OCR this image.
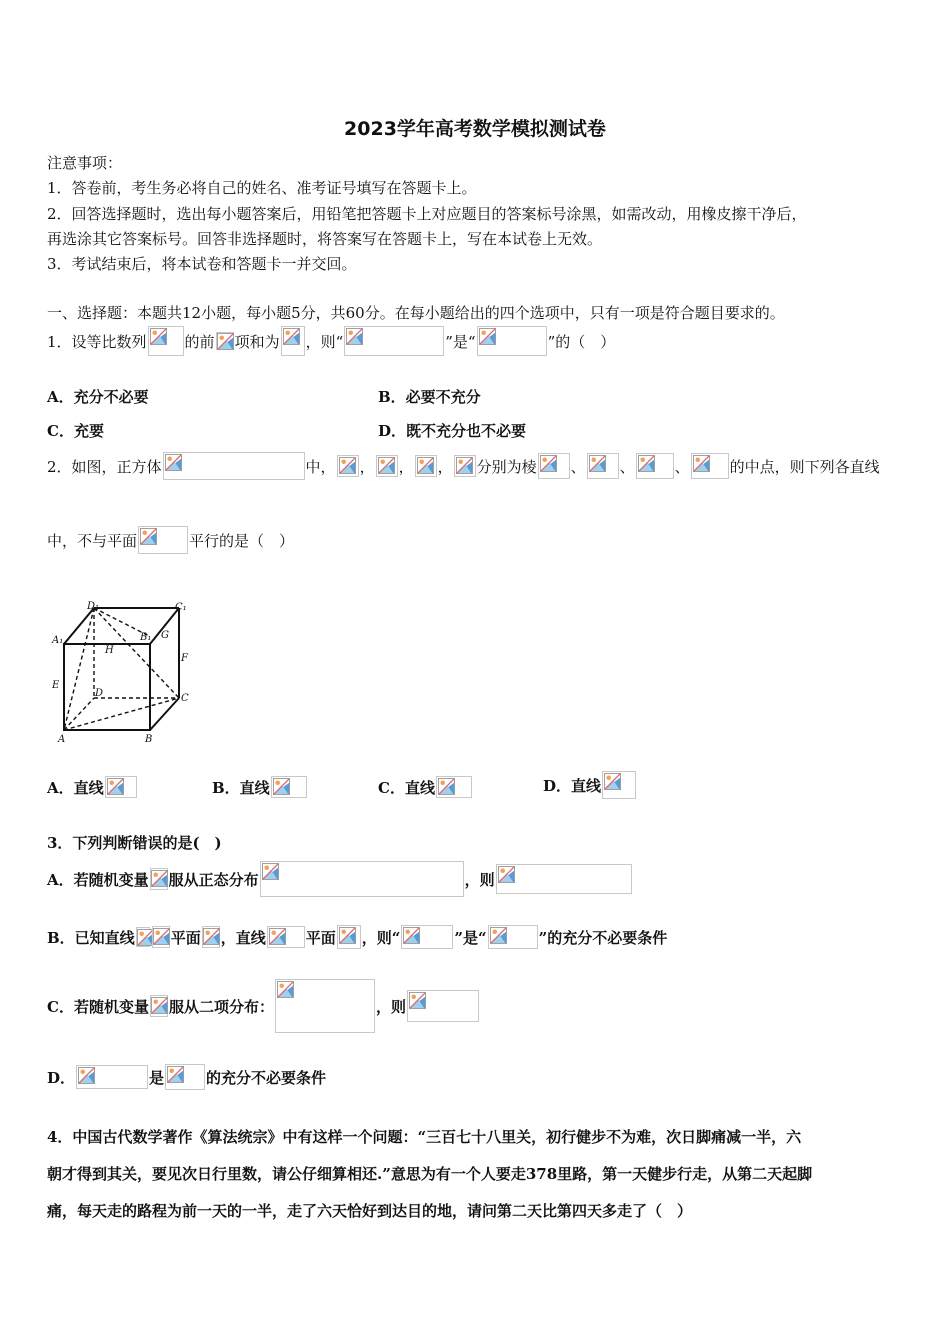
2023学年高考数学模拟测试卷
注意事项：
1．答卷前，考生务必将自己的姓名、准考证号填写在答题卡上。
2．回答选择题时，选出每小题答案后，用铅笔把答题卡上对应题目的答案标号涂黑，如需改动，用橡皮擦干净后，
再选涂其它答案标号。回答非选择题时，将答案写在答题卡上，写在本试卷上无效。
3．考试结束后，将本试卷和答题卡一并交回。
一、选择题：本题共12小题，每小题5分，共60分。在每小题给出的四个选项中，只有一项是符合题目要求的。
1．设等比数列	的前 项和为 ，则“	”是“	”的（　）
A．充分不必要	B．必要不充分
C．充要	D．既不充分也不必要
2．如图，正方体	中， ， ， ， 分别为棱 、 、	、	的中点，则下列各直线
中，不与平面	平行的是（　）
D₁	C₁
A₁	B₁ G
H
F
E
D	C
A	B
A．直线	B．直线	C．直线	D．直线
3．下列判断错误的是(　)
A．若随机变量 服从正态分布	，则
B．已知直线 平面 ，直线	平面 ，则“	”是“	”的充分不必要条件
C．若随机变量 服从二项分布：	，则
D．	是	的充分不必要条件
4．中国古代数学著作《算法统宗》中有这样一个问题：“三百七十八里关，初行健步不为难，次日脚痛减一半，六
朝才得到其关，要见次日行里数，请公仔细算相还.”意思为有一个人要走378里路，第一天健步行走，从第二天起脚
痛，每天走的路程为前一天的一半，走了六天恰好到达目的地，请问第二天比第四天多走了（　）
